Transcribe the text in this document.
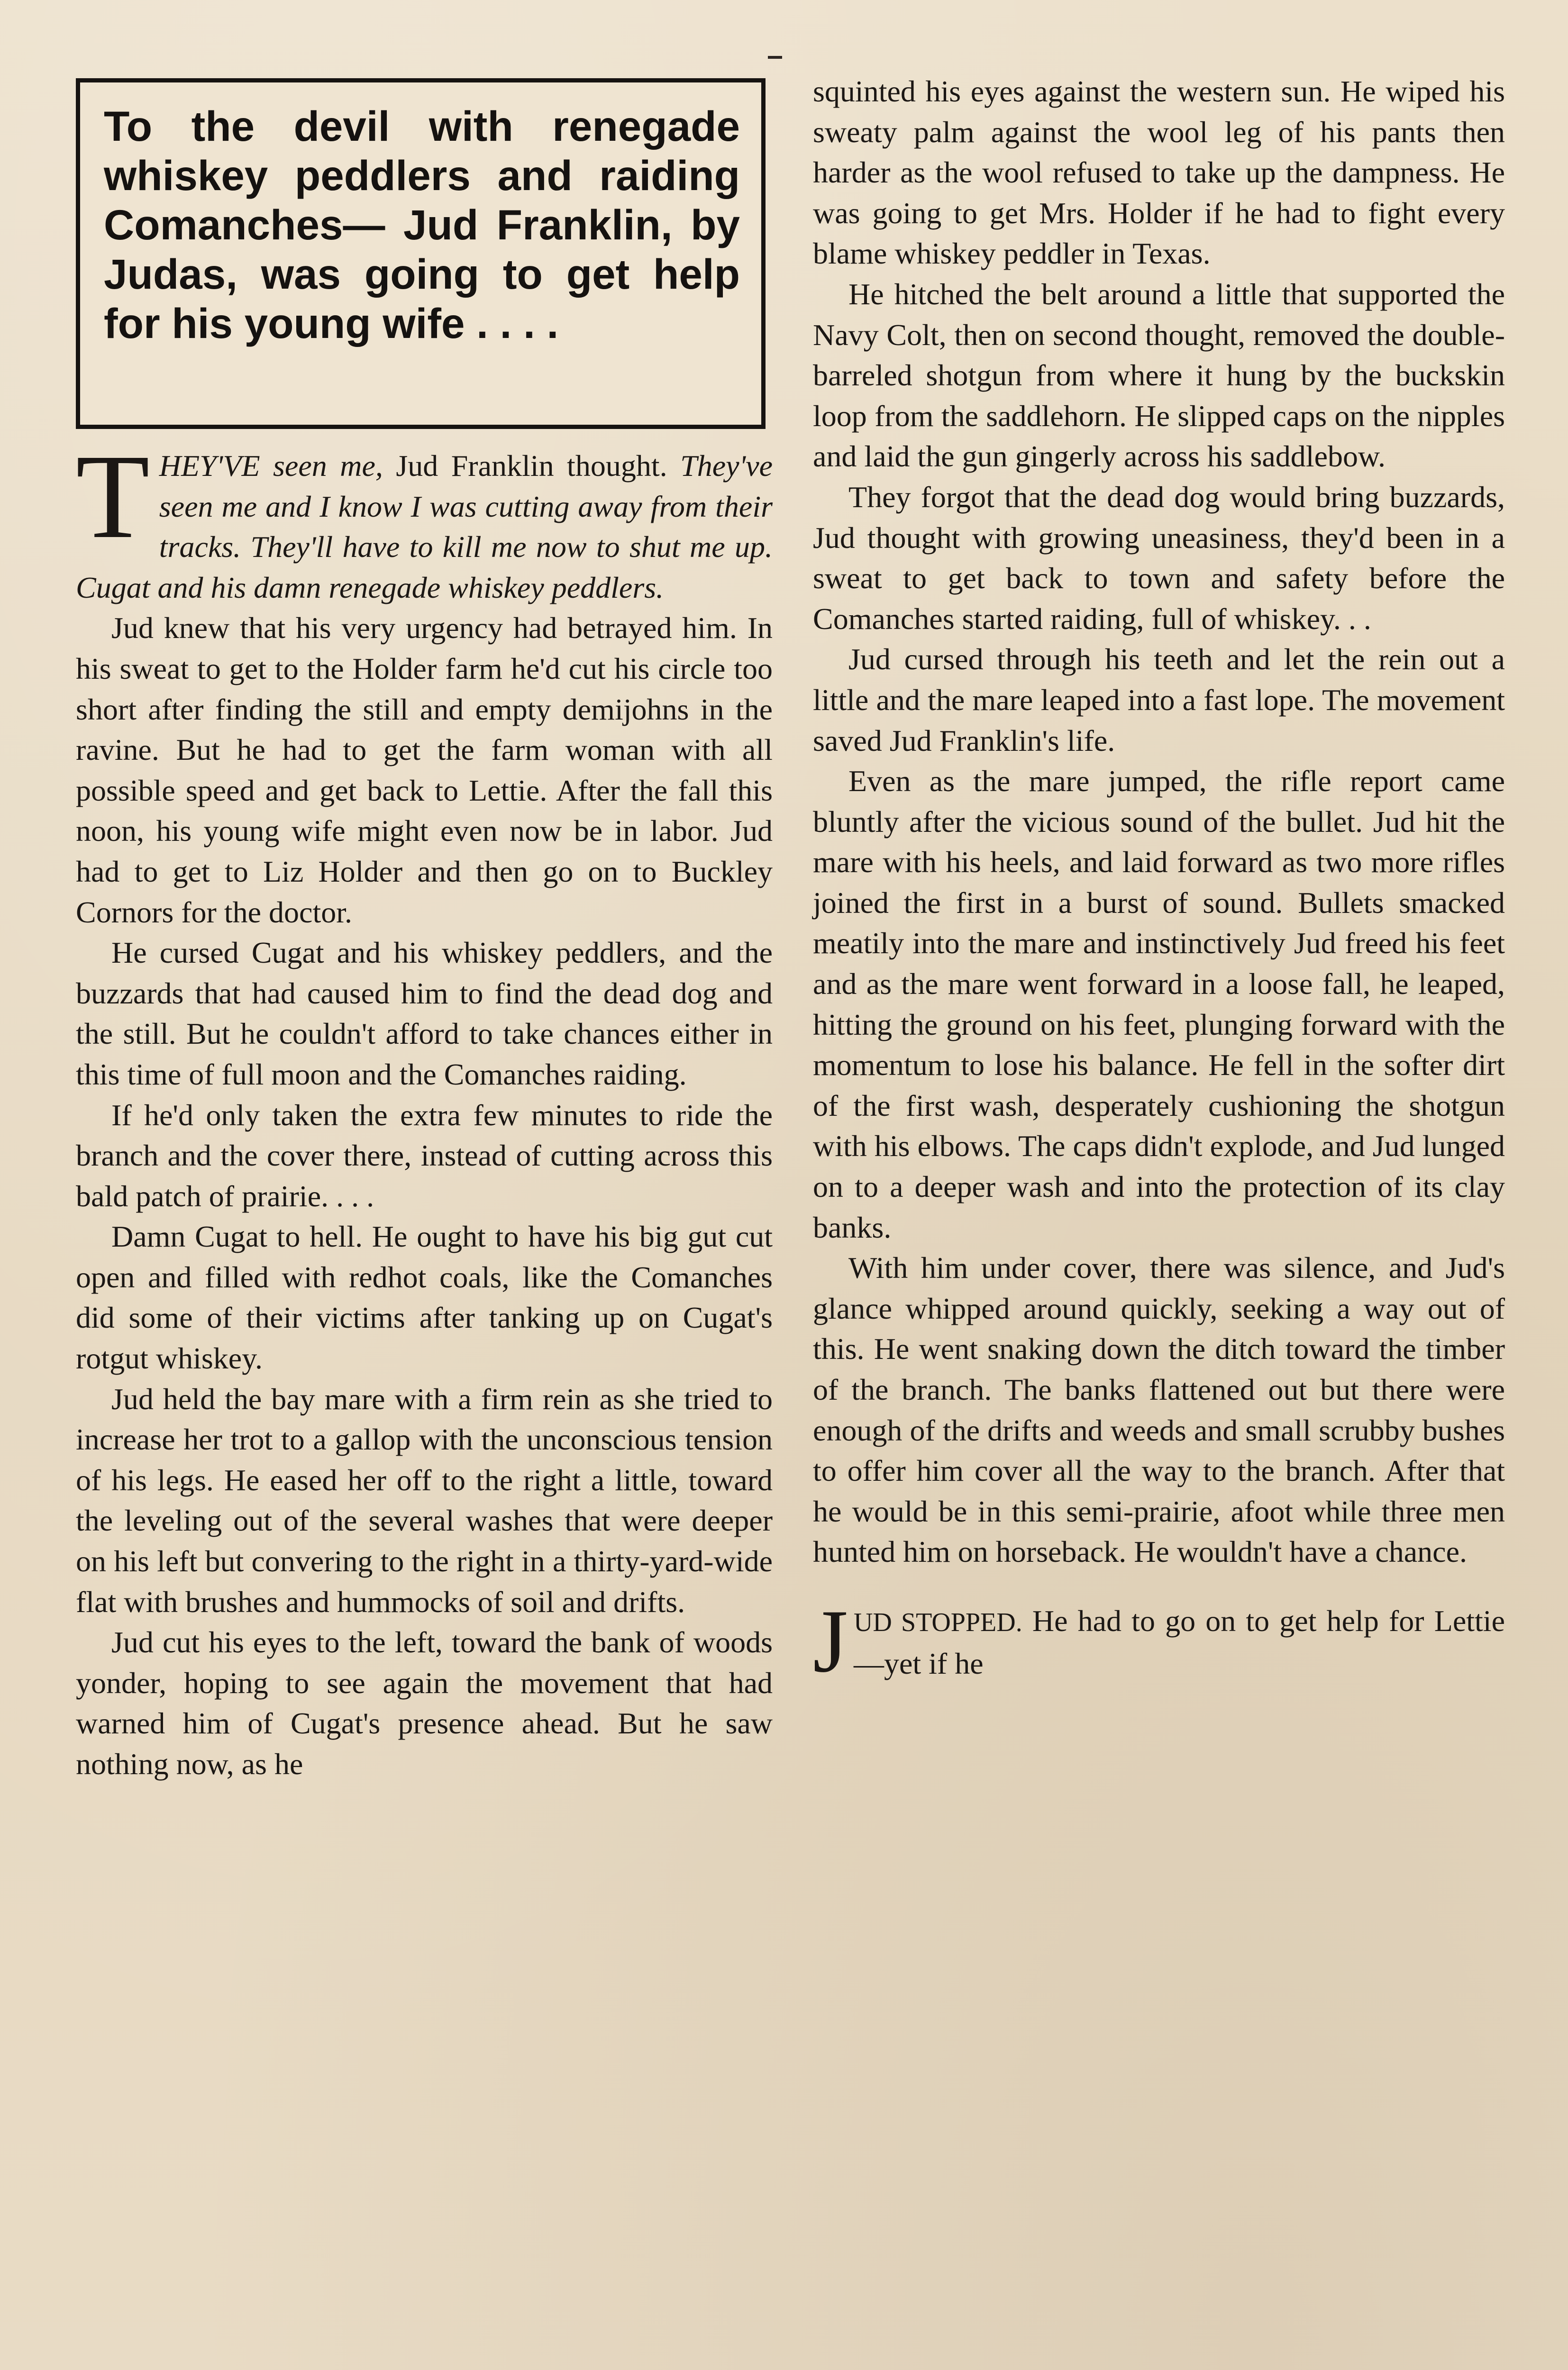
To the devil with renegade whiskey peddlers and raiding Comanches— Jud Franklin, by Judas, was going to get help for his young wife . . . .

THEY'VE seen me, Jud Franklin thought. They've seen me and I know I was cutting away from their tracks. They'll have to kill me now to shut me up. Cugat and his damn renegade whiskey peddlers.

Jud knew that his very urgency had betrayed him. In his sweat to get to the Holder farm he'd cut his circle too short after finding the still and empty demijohns in the ravine. But he had to get the farm woman with all possible speed and get back to Lettie. After the fall this noon, his young wife might even now be in labor. Jud had to get to Liz Holder and then go on to Buckley Cornors for the doctor.

He cursed Cugat and his whiskey peddlers, and the buzzards that had caused him to find the dead dog and the still. But he couldn't afford to take chances either in this time of full moon and the Comanches raiding.

If he'd only taken the extra few minutes to ride the branch and the cover there, instead of cutting across this bald patch of prairie. . . .

Damn Cugat to hell. He ought to have his big gut cut open and filled with redhot coals, like the Comanches did some of their victims after tanking up on Cugat's rotgut whiskey.

Jud held the bay mare with a firm rein as she tried to increase her trot to a gallop with the unconscious tension of his legs. He eased her off to the right a little, toward the leveling out of the several washes that were deeper on his left but convering to the right in a thirty-yard-wide flat with brushes and hummocks of soil and drifts.

Jud cut his eyes to the left, toward the bank of woods yonder, hoping to see again the movement that had warned him of Cugat's presence ahead. But he saw nothing now, as he

squinted his eyes against the western sun. He wiped his sweaty palm against the wool leg of his pants then harder as the wool refused to take up the dampness. He was going to get Mrs. Holder if he had to fight every blame whiskey peddler in Texas.

He hitched the belt around a little that supported the Navy Colt, then on second thought, removed the double-barreled shotgun from where it hung by the buckskin loop from the saddlehorn. He slipped caps on the nipples and laid the gun gingerly across his saddlebow.

They forgot that the dead dog would bring buzzards, Jud thought with growing uneasiness, they'd been in a sweat to get back to town and safety before the Comanches started raiding, full of whiskey. . .

Jud cursed through his teeth and let the rein out a little and the mare leaped into a fast lope. The movement saved Jud Franklin's life.

Even as the mare jumped, the rifle report came bluntly after the vicious sound of the bullet. Jud hit the mare with his heels, and laid forward as two more rifles joined the first in a burst of sound. Bullets smacked meatily into the mare and instinctively Jud freed his feet and as the mare went forward in a loose fall, he leaped, hitting the ground on his feet, plunging forward with the momentum to lose his balance. He fell in the softer dirt of the first wash, desperately cushioning the shotgun with his elbows. The caps didn't explode, and Jud lunged on to a deeper wash and into the protection of its clay banks.

With him under cover, there was silence, and Jud's glance whipped around quickly, seeking a way out of this. He went snaking down the ditch toward the timber of the branch. The banks flattened out but there were enough of the drifts and weeds and small scrubby bushes to offer him cover all the way to the branch. After that he would be in this semi-prairie, afoot while three men hunted him on horseback. He wouldn't have a chance.

JUD STOPPED. He had to go on to get help for Lettie—yet if he
